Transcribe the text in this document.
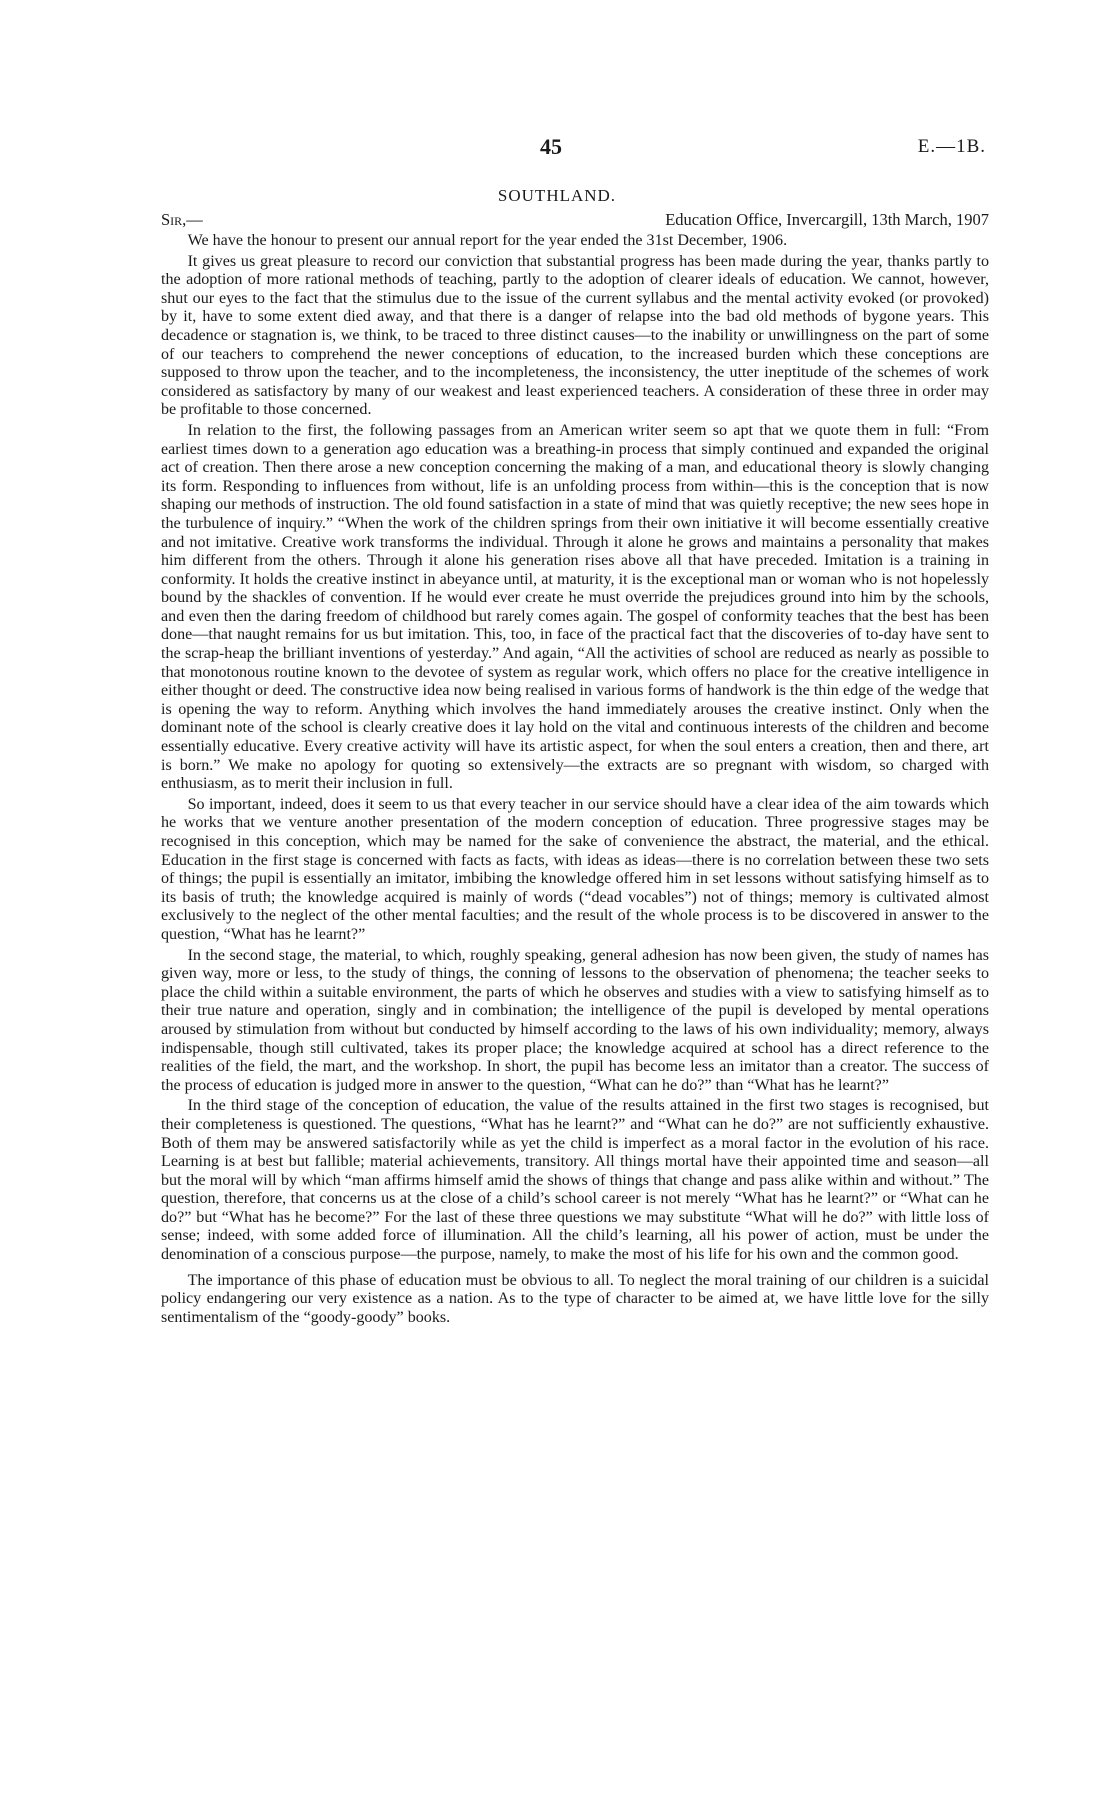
45	E.—1B.
SOUTHLAND.
Sir,—	Education Office, Invercargill, 13th March, 1907

We have the honour to present our annual report for the year ended the 31st December, 1906.

It gives us great pleasure to record our conviction that substantial progress has been made during the year, thanks partly to the adoption of more rational methods of teaching, partly to the adoption of clearer ideals of education. We cannot, however, shut our eyes to the fact that the stimulus due to the issue of the current syllabus and the mental activity evoked (or provoked) by it, have to some extent died away, and that there is a danger of relapse into the bad old methods of bygone years. This decadence or stagnation is, we think, to be traced to three distinct causes—to the inability or unwillingness on the part of some of our teachers to comprehend the newer conceptions of education, to the increased burden which these conceptions are supposed to throw upon the teacher, and to the incompleteness, the inconsistency, the utter ineptitude of the schemes of work considered as satisfactory by many of our weakest and least experienced teachers. A consideration of these three in order may be profitable to those concerned.

In relation to the first, the following passages from an American writer seem so apt that we quote them in full: “From earliest times down to a generation ago education was a breathing-in process that simply continued and expanded the original act of creation. Then there arose a new conception concerning the making of a man, and educational theory is slowly changing its form. Responding to influences from without, life is an unfolding process from within—this is the conception that is now shaping our methods of instruction. The old found satisfaction in a state of mind that was quietly receptive; the new sees hope in the turbulence of inquiry.” “When the work of the children springs from their own initiative it will become essentially creative and not imitative. Creative work transforms the individual. Through it alone he grows and maintains a personality that makes him different from the others. Through it alone his generation rises above all that have preceded. Imitation is a training in conformity. It holds the creative instinct in abeyance until, at maturity, it is the exceptional man or woman who is not hopelessly bound by the shackles of convention. If he would ever create he must override the prejudices ground into him by the schools, and even then the daring freedom of childhood but rarely comes again. The gospel of conformity teaches that the best has been done—that naught remains for us but imitation. This, too, in face of the practical fact that the discoveries of to-day have sent to the scrap-heap the brilliant inventions of yesterday.” And again, “All the activities of school are reduced as nearly as possible to that monotonous routine known to the devotee of system as regular work, which offers no place for the creative intelligence in either thought or deed. The constructive idea now being realised in various forms of handwork is the thin edge of the wedge that is opening the way to reform. Anything which involves the hand immediately arouses the creative instinct. Only when the dominant note of the school is clearly creative does it lay hold on the vital and continuous interests of the children and become essentially educative. Every creative activity will have its artistic aspect, for when the soul enters a creation, then and there, art is born.” We make no apology for quoting so extensively—the extracts are so pregnant with wisdom, so charged with enthusiasm, as to merit their inclusion in full.

So important, indeed, does it seem to us that every teacher in our service should have a clear idea of the aim towards which he works that we venture another presentation of the modern conception of education. Three progressive stages may be recognised in this conception, which may be named for the sake of convenience the abstract, the material, and the ethical. Education in the first stage is concerned with facts as facts, with ideas as ideas—there is no correlation between these two sets of things; the pupil is essentially an imitator, imbibing the knowledge offered him in set lessons without satisfying himself as to its basis of truth; the knowledge acquired is mainly of words (“dead vocables”) not of things; memory is cultivated almost exclusively to the neglect of the other mental faculties; and the result of the whole process is to be discovered in answer to the question, “What has he learnt?”

In the second stage, the material, to which, roughly speaking, general adhesion has now been given, the study of names has given way, more or less, to the study of things, the conning of lessons to the observation of phenomena; the teacher seeks to place the child within a suitable environment, the parts of which he observes and studies with a view to satisfying himself as to their true nature and operation, singly and in combination; the intelligence of the pupil is developed by mental operations aroused by stimulation from without but conducted by himself according to the laws of his own individuality; memory, always indispensable, though still cultivated, takes its proper place; the knowledge acquired at school has a direct reference to the realities of the field, the mart, and the workshop. In short, the pupil has become less an imitator than a creator. The success of the process of education is judged more in answer to the question, “What can he do?” than “What has he learnt?”

In the third stage of the conception of education, the value of the results attained in the first two stages is recognised, but their completeness is questioned. The questions, “What has he learnt?” and “What can he do?” are not sufficiently exhaustive. Both of them may be answered satisfactorily while as yet the child is imperfect as a moral factor in the evolution of his race. Learning is at best but fallible; material achievements, transitory. All things mortal have their appointed time and season—all but the moral will by which “man affirms himself amid the shows of things that change and pass alike within and without.” The question, therefore, that concerns us at the close of a child’s school career is not merely “What has he learnt?” or “What can he do?” but “What has he become?” For the last of these three questions we may substitute “What will he do?” with little loss of sense; indeed, with some added force of illumination. All the child’s learning, all his power of action, must be under the denomination of a conscious purpose—the purpose, namely, to make the most of his life for his own and the common good.

The importance of this phase of education must be obvious to all. To neglect the moral training of our children is a suicidal policy endangering our very existence as a nation. As to the type of character to be aimed at, we have little love for the silly sentimentalism of the “goody-goody” books.
